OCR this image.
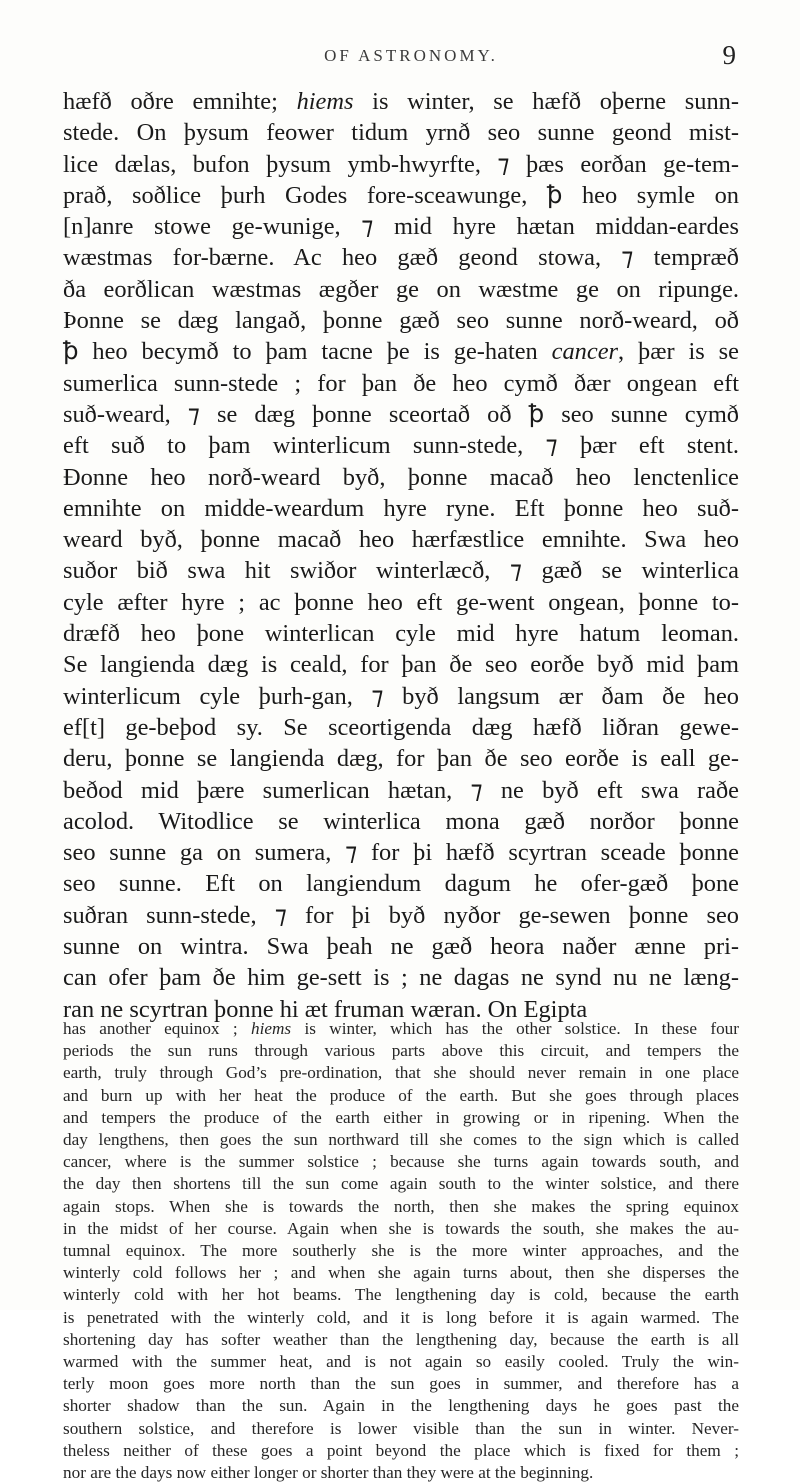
OF ASTRONOMY.	9

hæfð oðre emnihte; hiems is winter, se hæfð oþerne sunn-
stede. On þysum feower tidum yrnð seo sunne geond mist-
lice dælas, bufon þysum ymb-hwyrfte, ⁊ þæs eorðan ge-tem-
prað, soðlice þurh Godes fore-sceawunge, ꝥ heo symle on
[n]anre stowe ge-wunige, ⁊ mid hyre hætan middan-eardes
wæstmas for-bærne. Ac heo gæð geond stowa, ⁊ tempræð
ða eorðlican wæstmas ægðer ge on wæstme ge on ripunge.
Þonne se dæg langað, þonne gæð seo sunne norð-weard, oð
ꝥ heo becymð to þam tacne þe is ge-haten cancer, þær is se
sumerlica sunn-stede ; for þan ðe heo cymð ðær ongean eft
suð-weard, ⁊ se dæg þonne sceortað oð ꝥ seo sunne cymð
eft suð to þam winterlicum sunn-stede, ⁊ þær eft stent.
Ðonne heo norð-weard byð, þonne macað heo lenctenlice
emnihte on midde-weardum hyre ryne. Eft þonne heo suð-
weard byð, þonne macað heo hærfæstlice emnihte. Swa heo
suðor bið swa hit swiðor winterlæcð, ⁊ gæð se winterlica
cyle æfter hyre ; ac þonne heo eft ge-went ongean, þonne to-
dræfð heo þone winterlican cyle mid hyre hatum leoman.
Se langienda dæg is ceald, for þan ðe seo eorðe byð mid þam
winterlicum cyle þurh-gan, ⁊ byð langsum ær ðam ðe heo
ef[t] ge-beþod sy. Se sceortigenda dæg hæfð liðran gewe-
deru, þonne se langienda dæg, for þan ðe seo eorðe is eall ge-
beðod mid þære sumerlican hætan, ⁊ ne byð eft swa raðe
acolod. Witodlice se winterlica mona gæð norðor þonne
seo sunne ga on sumera, ⁊ for þi hæfð scyrtran sceade þonne
seo sunne. Eft on langiendum dagum he ofer-gæð þone
suðran sunn-stede, ⁊ for þi byð nyðor ge-sewen þonne seo
sunne on wintra. Swa þeah ne gæð heora naðer ænne pri-
can ofer þam ðe him ge-sett is ; ne dagas ne synd nu ne læng-
ran ne scyrtran þonne hi æt fruman wæran. On Egipta

has another equinox ; hiems is winter, which has the other solstice. In these four
periods the sun runs through various parts above this circuit, and tempers the
earth, truly through God’s pre-ordination, that she should never remain in one place
and burn up with her heat the produce of the earth. But she goes through places
and tempers the produce of the earth either in growing or in ripening. When the
day lengthens, then goes the sun northward till she comes to the sign which is called
cancer, where is the summer solstice ; because she turns again towards south, and
the day then shortens till the sun come again south to the winter solstice, and there
again stops. When she is towards the north, then she makes the spring equinox
in the midst of her course. Again when she is towards the south, she makes the au-
tumnal equinox. The more southerly she is the more winter approaches, and the
winterly cold follows her ; and when she again turns about, then she disperses the
winterly cold with her hot beams. The lengthening day is cold, because the earth
is penetrated with the winterly cold, and it is long before it is again warmed. The
shortening day has softer weather than the lengthening day, because the earth is all
warmed with the summer heat, and is not again so easily cooled. Truly the win-
terly moon goes more north than the sun goes in summer, and therefore has a
shorter shadow than the sun. Again in the lengthening days he goes past the
southern solstice, and therefore is lower visible than the sun in winter. Never-
theless neither of these goes a point beyond the place which is fixed for them ;
nor are the days now either longer or shorter than they were at the beginning.
